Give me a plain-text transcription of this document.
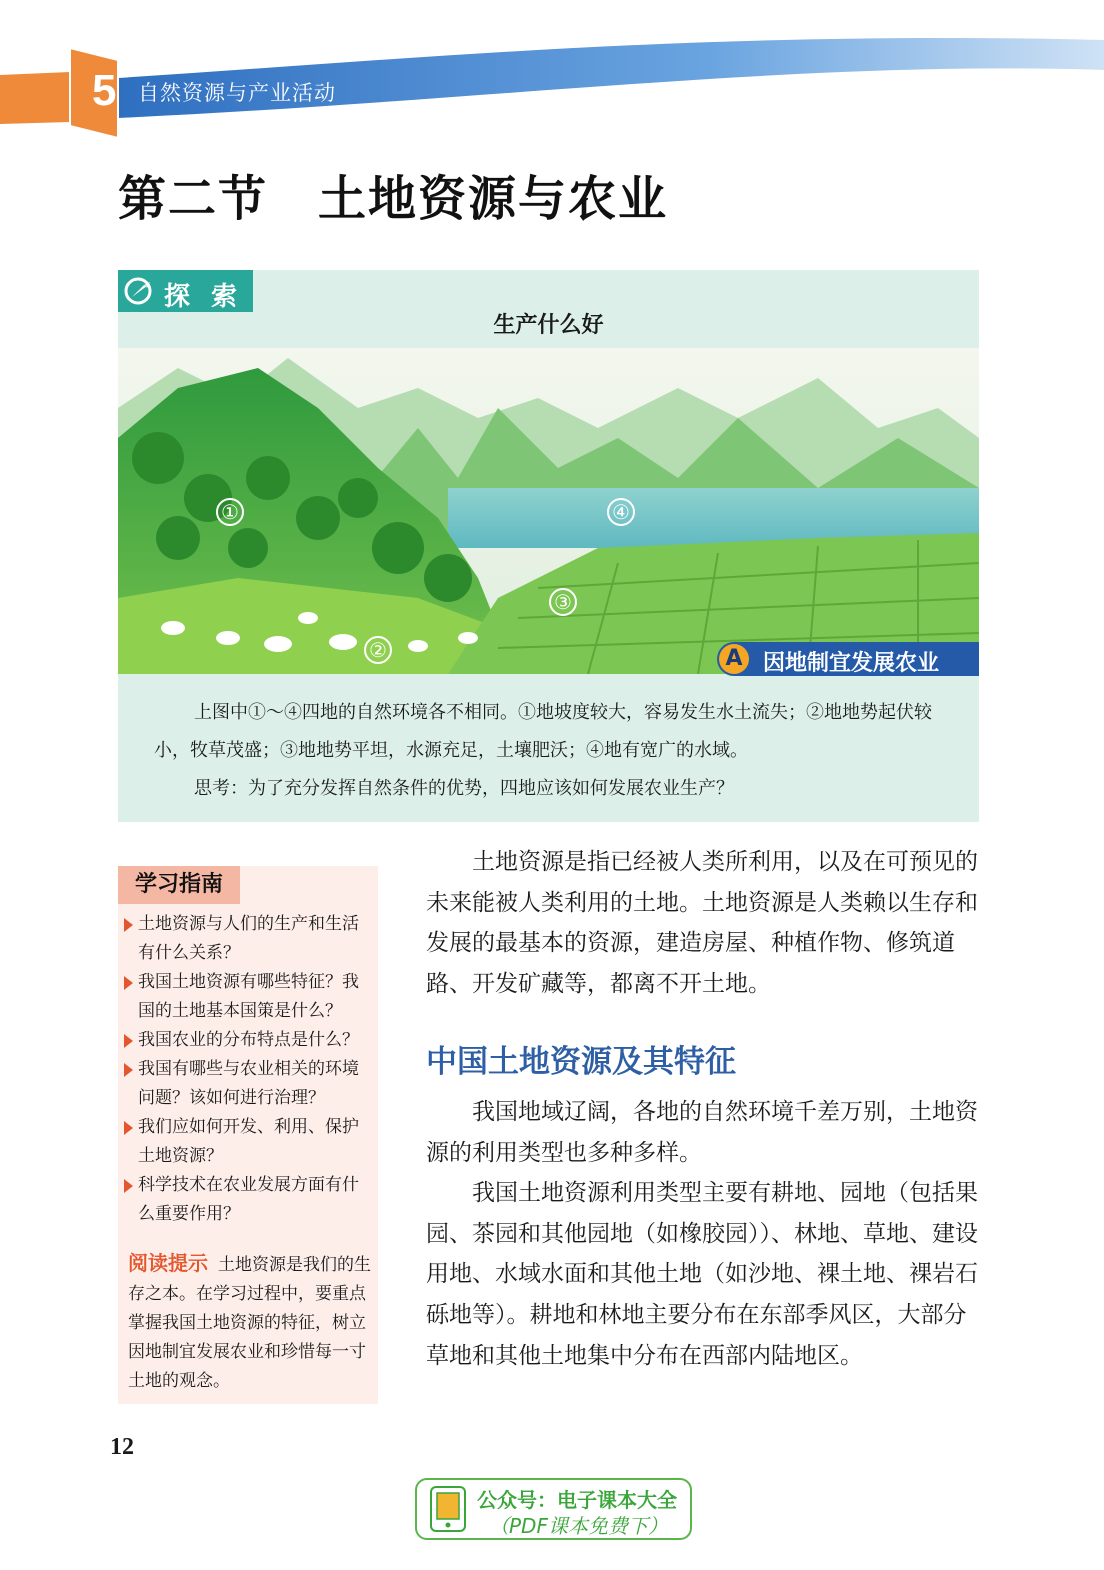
5 自然资源与产业活动
第二节　土地资源与农业
探 索
生产什么好
①
②
③
④
A 因地制宜发展农业

上图中①～④四地的自然环境各不相同。①地坡度较大，容易发生水土流失；②地地势起伏较小，牧草茂盛；③地地势平坦，水源充足，土壤肥沃；④地有宽广的水域。

思考：为了充分发挥自然条件的优势，四地应该如何发展农业生产？

学习指南
土地资源与人们的生产和生活有什么关系？
我国土地资源有哪些特征？我国的土地基本国策是什么？
我国农业的分布特点是什么？
我国有哪些与农业相关的环境问题？该如何进行治理？
我们应如何开发、利用、保护土地资源？
科学技术在农业发展方面有什么重要作用？
阅读提示 土地资源是我们的生存之本。在学习过程中，要重点掌握我国土地资源的特征，树立因地制宜发展农业和珍惜每一寸土地的观念。

土地资源是指已经被人类所利用，以及在可预见的未来能被人类利用的土地。土地资源是人类赖以生存和发展的最基本的资源，建造房屋、种植作物、修筑道路、开发矿藏等，都离不开土地。

中国土地资源及其特征

我国地域辽阔，各地的自然环境千差万别，土地资源的利用类型也多种多样。

我国土地资源利用类型主要有耕地、园地（包括果园、茶园和其他园地（如橡胶园））、林地、草地、建设用地、水域水面和其他土地（如沙地、裸土地、裸岩石砾地等）。耕地和林地主要分布在东部季风区，大部分草地和其他土地集中分布在西部内陆地区。

12
公众号：电子课本大全
（PDF课本免费下）
